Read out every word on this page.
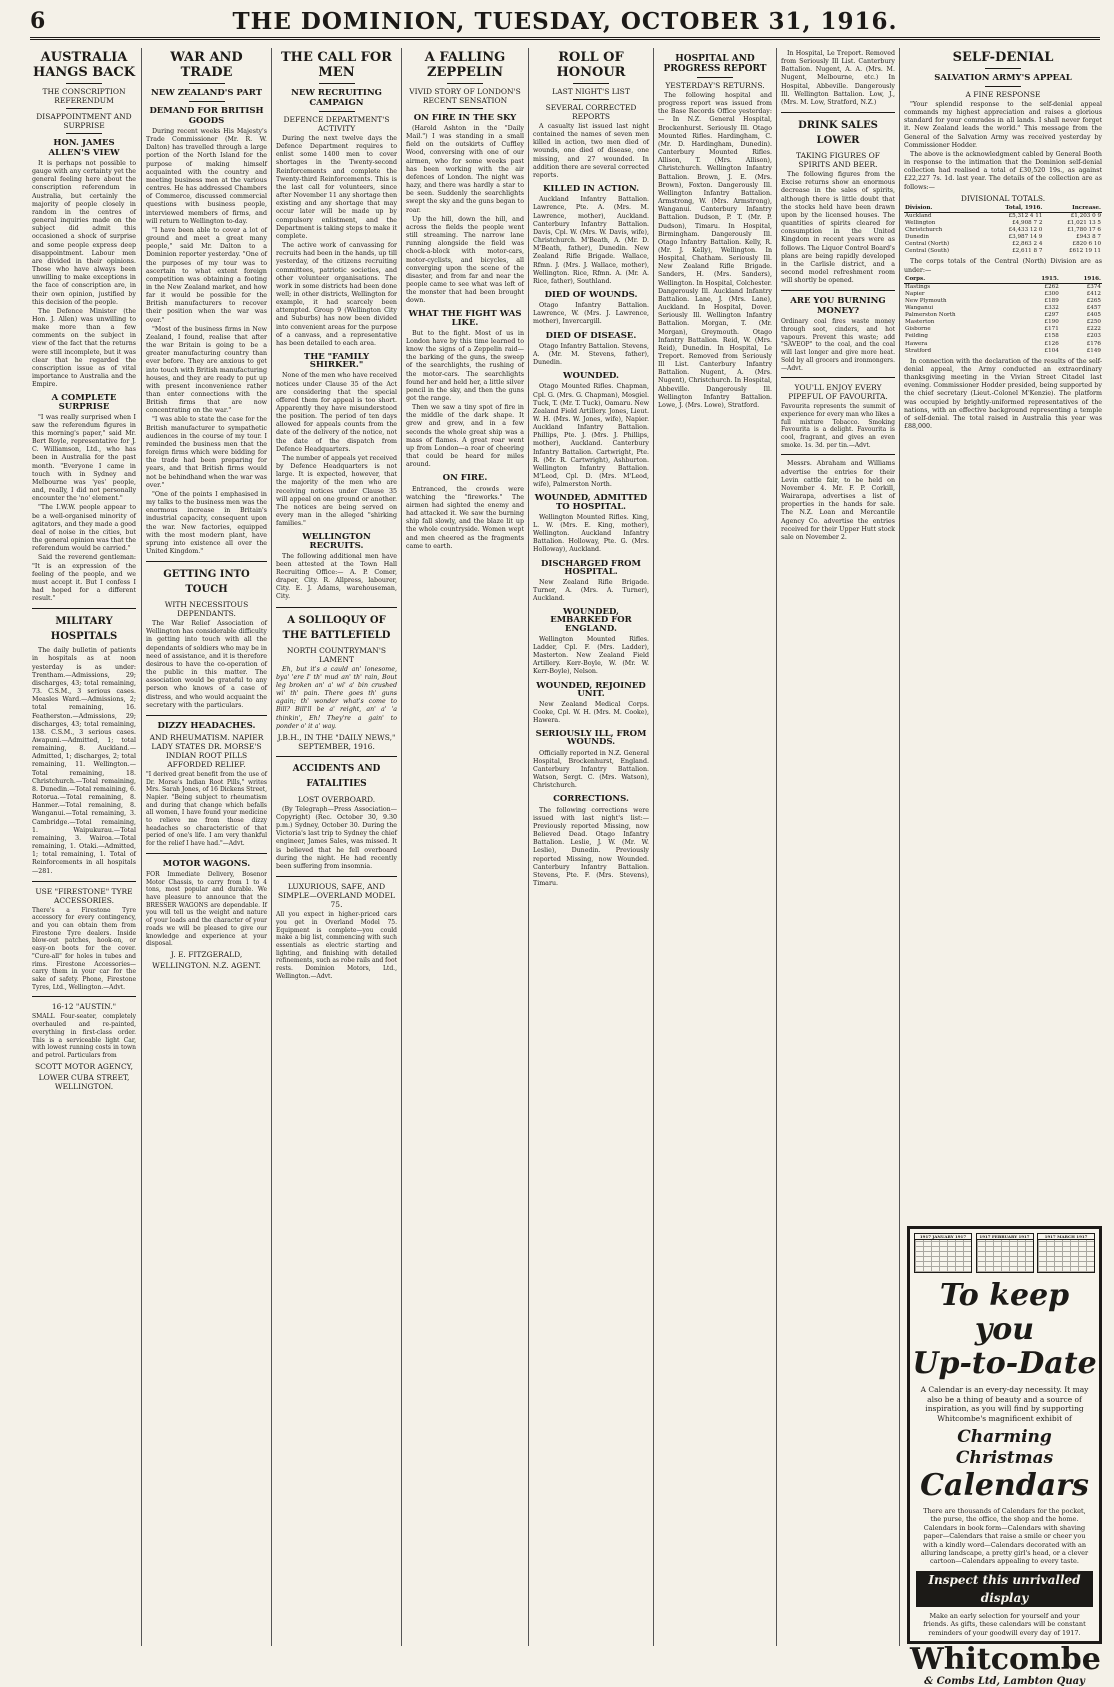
6	THE DOMINION, TUESDAY, OCTOBER 31, 1916.
AUSTRALIA HANGS BACK
THE CONSCRIPTION REFERENDUM
DISAPPOINTMENT AND SURPRISE
HON. JAMES ALLEN'S VIEW

It is perhaps not possible to gauge with any certainty yet the general feeling here about the conscription referendum in Australia, but certainly the majority of people closely in random in the centres of general inquiries made on the subject did admit this occasioned a shock of surprise and some people express deep disappointment. Labour men are divided in their opinions. Those who have always been unwilling to make exceptions in the face of conscription are, in their own opinion, justified by this decision of the people.

The Defence Minister (the Hon. J. Allen) was unwilling to make more than a few comments on the subject in view of the fact that the returns were still incomplete, but it was clear that he regarded the conscription issue as of vital importance to Australia and the Empire.

A COMPLETE SURPRISE

"I was really surprised when I saw the referendum figures in this morning's paper," said Mr. Bert Royle, representative for J. C. Williamson, Ltd., who has been in Australia for the past month. "Everyone I came in touch with in Sydney and Melbourne was 'yes' people, and, really, I did not personally encounter the 'no' element."

"The I.W.W. people appear to be a well-organised minority of agitators, and they made a good deal of noise in the cities, but the general opinion was that the referendum would be carried."

Said the reverend gentleman: "It is an expression of the feeling of the people, and we must accept it. But I confess I had hoped for a different result."

MILITARY HOSPITALS

The daily bulletin of patients in hospitals as at noon yesterday is as under: Trentham.—Admissions, 29; discharges, 43; total remaining, 73. C.S.M., 3 serious cases. Measles Ward.—Admissions, 2; total remaining, 16. Featherston.—Admissions, 29; discharges, 43; total remaining, 138. C.S.M., 3 serious cases. Awapuni.—Admitted, 1; total remaining, 8. Auckland.—Admitted, 1; discharges, 2; total remaining, 11. Wellington.—Total remaining, 18. Christchurch.—Total remaining, 8. Dunedin.—Total remaining, 6. Rotorua.—Total remaining, 8. Hanmer.—Total remaining, 8. Wanganui.—Total remaining, 3. Cambridge.—Total remaining, 1. Waipukurau.—Total remaining, 3. Wairoa.—Total remaining, 1. Otaki.—Admitted, 1; total remaining, 1. Total of Reinforcements in all hospitals—281.

USE "FIRESTONE" TYRE ACCESSORIES.
There's a Firestone Tyre accessory for every contingency, and you can obtain them from Firestone Tyre dealers. Inside blow-out patches, hook-on, or easy-on boots for the cover. "Cure-all" for holes in tubes and rims. Firestone Accessories—carry them in your car for the sake of safety. Phone, Firestone Tyres, Ltd., Wellington.—Advt.
16-12 "AUSTIN."
SMALL Four-seater, completely overhauled and re-painted, everything in first-class order. This is a serviceable light Car, with lowest running costs in town and petrol. Particulars from
SCOTT MOTOR AGENCY,
LOWER CUBA STREET, WELLINGTON.
WAR AND TRADE
NEW ZEALAND'S PART
DEMAND FOR BRITISH GOODS

During recent weeks His Majesty's Trade Commissioner (Mr. R. W. Dalton) has travelled through a large portion of the North Island for the purpose of making himself acquainted with the country and meeting business men at the various centres. He has addressed Chambers of Commerce, discussed commercial questions with business people, interviewed members of firms, and will return to Wellington to-day.

"I have been able to cover a lot of ground and meet a great many people," said Mr. Dalton to a Dominion reporter yesterday. "One of the purposes of my tour was to ascertain to what extent foreign competition was obtaining a footing in the New Zealand market, and how far it would be possible for the British manufacturers to recover their position when the war was over."

"Most of the business firms in New Zealand, I found, realise that after the war Britain is going to be a greater manufacturing country than ever before. They are anxious to get into touch with British manufacturing houses, and they are ready to put up with present inconvenience rather than enter connections with the British firms that are now concentrating on the war."

"I was able to state the case for the British manufacturer to sympathetic audiences in the course of my tour. I reminded the business men that the foreign firms which were bidding for the trade had been preparing for years, and that British firms would not be behindhand when the war was over."

"One of the points I emphasised in my talks to the business men was the enormous increase in Britain's industrial capacity, consequent upon the war. New factories, equipped with the most modern plant, have sprung into existence all over the United Kingdom."

GETTING INTO TOUCH
WITH NECESSITOUS DEPENDANTS.

The War Relief Association of Wellington has considerable difficulty in getting into touch with all the dependants of soldiers who may be in need of assistance, and it is therefore desirous to have the co-operation of the public in this matter. The association would be grateful to any person who knows of a case of distress, and who would acquaint the secretary with the particulars.

DIZZY HEADACHES.
AND RHEUMATISM. NAPIER LADY STATES DR. MORSE'S INDIAN ROOT PILLS AFFORDED RELIEF.
"I derived great benefit from the use of Dr. Morse's Indian Root Pills," writes Mrs. Sarah Jones, of 16 Dickens Street, Napier. "Being subject to rheumatism and during that change which befalls all women, I have found your medicine to relieve me from those dizzy headaches so characteristic of that period of one's life. I am very thankful for the relief I have had."—Advt.
MOTOR WAGONS.
FOR Immediate Delivery, Bosenor Motor Chassis, to carry from 1 to 4 tons, most popular and durable. We have pleasure to announce that the BRESSER WAGONS are dependable. If you will tell us the weight and nature of your loads and the character of your roads we will be pleased to give our knowledge and experience at your disposal.
J. E. FITZGERALD,
WELLINGTON. N.Z. AGENT.
THE CALL FOR MEN
NEW RECRUITING CAMPAIGN
DEFENCE DEPARTMENT'S ACTIVITY

During the next twelve days the Defence Department requires to enlist some 1400 men to cover shortages in the Twenty-second Reinforcements and complete the Twenty-third Reinforcements. This is the last call for volunteers, since after November 11 any shortage then existing and any shortage that may occur later will be made up by compulsory enlistment, and the Department is taking steps to make it complete.

The active work of canvassing for recruits had been in the hands, up till yesterday, of the citizens recruiting committees, patriotic societies, and other volunteer organisations. The work in some districts had been done well; in other districts, Wellington for example, it had scarcely been attempted. Group 9 (Wellington City and Suburbs) has now been divided into convenient areas for the purpose of a canvass, and a representative has been detailed to each area.

THE "FAMILY SHIRKER."

None of the men who have received notices under Clause 35 of the Act are considering that the special offered them for appeal is too short. Apparently they have misunderstood the position. The period of ten days allowed for appeals counts from the date of the delivery of the notice, not the date of the dispatch from Defence Headquarters.

The number of appeals yet received by Defence Headquarters is not large. It is expected, however, that the majority of the men who are receiving notices under Clause 35 will appeal on one ground or another. The notices are being served on every man in the alleged "shirking families."

WELLINGTON RECRUITS.

The following additional men have been attested at the Town Hall Recruiting Office:— A. P. Comer, draper, City. R. Allpress, labourer, City. E. J. Adams, warehouseman, City.

A SOLILOQUY OF THE BATTLEFIELD
NORTH COUNTRYMAN'S LAMENT

Eh, but it's a cauld an' lonesome, bya' 'ere I' th' mud an' th' rain, Bout leg broken an' a' wi' a' bin crushed wi' th' pain. There goes th' guns again; th' wonder what's come to Bill? Bill'll be a' reight, an' a' 'a thinkin', Eh! They're a gain' to ponder o' it a' way.

J.B.H., IN THE "DAILY NEWS," SEPTEMBER, 1916.
ACCIDENTS AND FATALITIES
LOST OVERBOARD.

(By Telegraph—Press Association—Copyright) (Rec. October 30, 9.30 p.m.) Sydney, October 30. During the Victoria's last trip to Sydney the chief engineer, James Sales, was missed. It is believed that he fell overboard during the night. He had recently been suffering from insomnia.

LUXURIOUS, SAFE, AND SIMPLE—OVERLAND MODEL 75.
All you expect in higher-priced cars you get in Overland Model 75. Equipment is complete—you could make a big list, commencing with such essentials as electric starting and lighting, and finishing with detailed refinements, such as robe rails and foot rests. Dominion Motors, Ltd., Wellington.—Advt.
A FALLING ZEPPELIN
VIVID STORY OF LONDON'S RECENT SENSATION
ON FIRE IN THE SKY

(Harold Ashton in the "Daily Mail.") I was standing in a small field on the outskirts of Cuffley Wood, conversing with one of our airmen, who for some weeks past has been working with the air defences of London. The night was hazy, and there was hardly a star to be seen. Suddenly the searchlights swept the sky and the guns began to roar.

Up the hill, down the hill, and across the fields the people went still streaming. The narrow lane running alongside the field was chock-a-block with motor-cars, motor-cyclists, and bicycles, all converging upon the scene of the disaster, and from far and near the people came to see what was left of the monster that had been brought down.

WHAT THE FIGHT WAS LIKE.

But to the fight. Most of us in London have by this time learned to know the signs of a Zeppelin raid—the barking of the guns, the sweep of the searchlights, the rushing of the motor-cars. The searchlights found her and held her, a little silver pencil in the sky, and then the guns got the range.

Then we saw a tiny spot of fire in the middle of the dark shape. It grew and grew, and in a few seconds the whole great ship was a mass of flames. A great roar went up from London—a roar of cheering that could be heard for miles around.

ON FIRE.

Entranced, the crowds were watching the "fireworks." The airmen had sighted the enemy and had attacked it. We saw the burning ship fall slowly, and the blaze lit up the whole countryside. Women wept and men cheered as the fragments came to earth.

ROLL OF HONOUR
LAST NIGHT'S LIST
SEVERAL CORRECTED REPORTS

A casualty list issued last night contained the names of seven men killed in action, two men died of wounds, one died of disease, one missing, and 27 wounded. In addition there are several corrected reports.

KILLED IN ACTION.

Auckland Infantry Battalion. Lawrence, Pte. A. (Mrs. M. Lawrence, mother), Auckland. Canterbury Infantry Battalion. Davis, Cpl. W. (Mrs. W. Davis, wife), Christchurch. M'Beath, A. (Mr. D. M'Beath, father), Dunedin. New Zealand Rifle Brigade. Wallace, Rfmn. J. (Mrs. J. Wallace, mother), Wellington. Rice, Rfmn. A. (Mr. A. Rice, father), Southland.

DIED OF WOUNDS.

Otago Infantry Battalion. Lawrence, W. (Mrs. J. Lawrence, mother), Invercargill.

DIED OF DISEASE.

Otago Infantry Battalion. Stevens, A. (Mr. M. Stevens, father), Dunedin.

WOUNDED.

Otago Mounted Rifles. Chapman, Cpl. G. (Mrs. G. Chapman), Mosgiel. Tuck, T. (Mr. T. Tuck), Oamaru. New Zealand Field Artillery. Jones, Lieut. W. H. (Mrs. W. Jones, wife), Napier. Auckland Infantry Battalion. Phillips, Pte. J. (Mrs. J. Phillips, mother), Auckland. Canterbury Infantry Battalion. Cartwright, Pte. R. (Mr. R. Cartwright), Ashburton. Wellington Infantry Battalion. M'Leod, Cpl. D. (Mrs. M'Leod, wife), Palmerston North.

WOUNDED, ADMITTED TO HOSPITAL.

Wellington Mounted Rifles. King, L. W. (Mrs. E. King, mother), Wellington. Auckland Infantry Battalion. Holloway, Pte. G. (Mrs. Holloway), Auckland.

DISCHARGED FROM HOSPITAL.

New Zealand Rifle Brigade. Turner, A. (Mrs. A. Turner), Auckland.

WOUNDED, EMBARKED FOR ENGLAND.

Wellington Mounted Rifles. Ladder, Cpl. F. (Mrs. Ladder), Masterton. New Zealand Field Artillery. Kerr-Boyle, W. (Mr. W. Kerr-Boyle), Nelson.

WOUNDED, REJOINED UNIT.

New Zealand Medical Corps. Cooke, Cpl. W. H. (Mrs. M. Cooke), Hawera.

SERIOUSLY ILL, FROM WOUNDS.

Officially reported in N.Z. General Hospital, Brockenhurst, England. Canterbury Infantry Battalion. Watson, Sergt. C. (Mrs. Watson), Christchurch.

CORRECTIONS.

The following corrections were issued with last night's list:— Previously reported Missing, now Believed Dead. Otago Infantry Battalion. Leslie, J. W. (Mr. W. Leslie), Dunedin. Previously reported Missing, now Wounded. Canterbury Infantry Battalion. Stevens, Pte. F. (Mrs. Stevens), Timaru.

HOSPITAL AND PROGRESS REPORT
YESTERDAY'S RETURNS.

The following hospital and progress report was issued from the Base Records Office yesterday:— In N.Z. General Hospital, Brockenhurst. Seriously Ill. Otago Mounted Rifles. Hardingham, C. (Mr. D. Hardingham, Dunedin). Canterbury Mounted Rifles. Allison, T. (Mrs. Allison), Christchurch. Wellington Infantry Battalion. Brown, J. E. (Mrs. Brown), Foxton. Dangerously Ill. Wellington Infantry Battalion. Armstrong, W. (Mrs. Armstrong), Wanganui. Canterbury Infantry Battalion. Dudson, P. T. (Mr. P. Dudson), Timaru. In Hospital, Birmingham. Dangerously Ill. Otago Infantry Battalion. Kelly, R. (Mr. J. Kelly), Wellington. In Hospital, Chatham. Seriously Ill. New Zealand Rifle Brigade. Sanders, H. (Mrs. Sanders), Wellington. In Hospital, Colchester. Dangerously Ill. Auckland Infantry Battalion. Lane, J. (Mrs. Lane), Auckland. In Hospital, Dover. Seriously Ill. Wellington Infantry Battalion. Morgan, T. (Mr. Morgan), Greymouth. Otago Infantry Battalion. Reid, W. (Mrs. Reid), Dunedin. In Hospital, Le Treport. Removed from Seriously Ill List. Canterbury Infantry Battalion. Nugent, A. (Mrs. Nugent), Christchurch. In Hospital, Abbeville. Dangerously Ill. Wellington Infantry Battalion. Lowe, J. (Mrs. Lowe), Stratford.

In Hospital, Le Treport. Removed from Seriously Ill List. Canterbury Battalion. Nugent, A. A. (Mrs. M. Nugent, Melbourne, etc.) In Hospital, Abbeville. Dangerously Ill. Wellington Battalion. Low, J., (Mrs. M. Low, Stratford, N.Z.)

DRINK SALES LOWER
TAKING FIGURES OF SPIRITS AND BEER.

The following figures from the Excise returns show an enormous decrease in the sales of spirits, although there is little doubt that the stocks held have been drawn upon by the licensed houses. The quantities of spirits cleared for consumption in the United Kingdom in recent years were as follows. The Liquor Control Board's plans are being rapidly developed in the Carlisle district, and a second model refreshment room will shortly be opened.

ARE YOU BURNING MONEY?
Ordinary coal fires waste money through soot, cinders, and hot vapours. Prevent this waste; add "SAVEOP" to the coal, and the coal will last longer and give more heat. Sold by all grocers and ironmongers.—Advt.
YOU'LL ENJOY EVERY PIPEFUL OF FAVOURITA.
Favourita represents the summit of experience for every man who likes a full mixture Tobacco. Smoking Favourita is a delight. Favourita is cool, fragrant, and gives an even smoke. 1s. 3d. per tin.—Advt.

Messrs. Abraham and Williams advertise the entries for their Levin cattle fair, to be held on November 4. Mr. F. P. Corkill, Wairarapa, advertises a list of properties in the hands for sale. The N.Z. Loan and Mercantile Agency Co. advertise the entries received for their Upper Hutt stock sale on November 2.

SELF-DENIAL
SALVATION ARMY'S APPEAL
A FINE RESPONSE

"Your splendid response to the self-denial appeal commands my highest appreciation and raises a glorious standard for your comrades in all lands. I shall never forget it. New Zealand leads the world." This message from the General of the Salvation Army was received yesterday by Commissioner Hodder.

The above is the acknowledgment cabled by General Booth in response to the intimation that the Dominion self-denial collection had realised a total of £30,520 19s., as against £22,227 7s. 1d. last year. The details of the collection are as follows:—

DIVISIONAL TOTALS.
Division.	Total, 1916.	Increase.
Auckland	£5,312 4 11	£1,203 0 9
Wellington	£4,908 7 2	£1,021 13 5
Christchurch	£4,433 12 0	£1,780 17 6
Dunedin	£3,987 14 9	£943 8 7
Central (North)	£2,863 2 4	£820 6 10
Central (South)	£2,611 8 7	£612 19 11

The corps totals of the Central (North) Division are as under:—

Corps.	1915.	1916.
Hastings	£262	£374
Napier	£300	£412
New Plymouth	£189	£265
Wanganui	£332	£457
Palmerston North	£297	£405
Masterton	£190	£250
Gisborne	£171	£222
Feilding	£158	£203
Hawera	£126	£176
Stratford	£104	£149

In connection with the declaration of the results of the self-denial appeal, the Army conducted an extraordinary thanksgiving meeting in the Vivian Street Citadel last evening. Commissioner Hodder presided, being supported by the chief secretary (Lieut.-Colonel M'Kenzie). The platform was occupied by brightly-uniformed representatives of the nations, with an effective background representing a temple of self-denial. The total raised in Australia this year was £88,000.

1917 JANUARY 1917	1917 FEBRUARY 1917	1917 MARCH 1917
To keep you
Up-to-Date
A Calendar is an every-day necessity. It may also be a thing of beauty and a source of inspiration, as you will find by supporting Whitcombe's magnificent exhibit of
Charming Christmas
Calendars
There are thousands of Calendars for the pocket, the purse, the office, the shop and the home. Calendars in book form—Calendars with shaving paper—Calendars that raise a smile or cheer you with a kindly word—Calendars decorated with an alluring landscape, a pretty girl's head, or a clever cartoon—Calendars appealing to every taste.
Inspect this unrivalled display
Make an early selection for yourself and your friends. As gifts, these calendars will be constant reminders of your goodwill every day of 1917.
Whitcombe
& Combs Ltd, Lambton Quay
